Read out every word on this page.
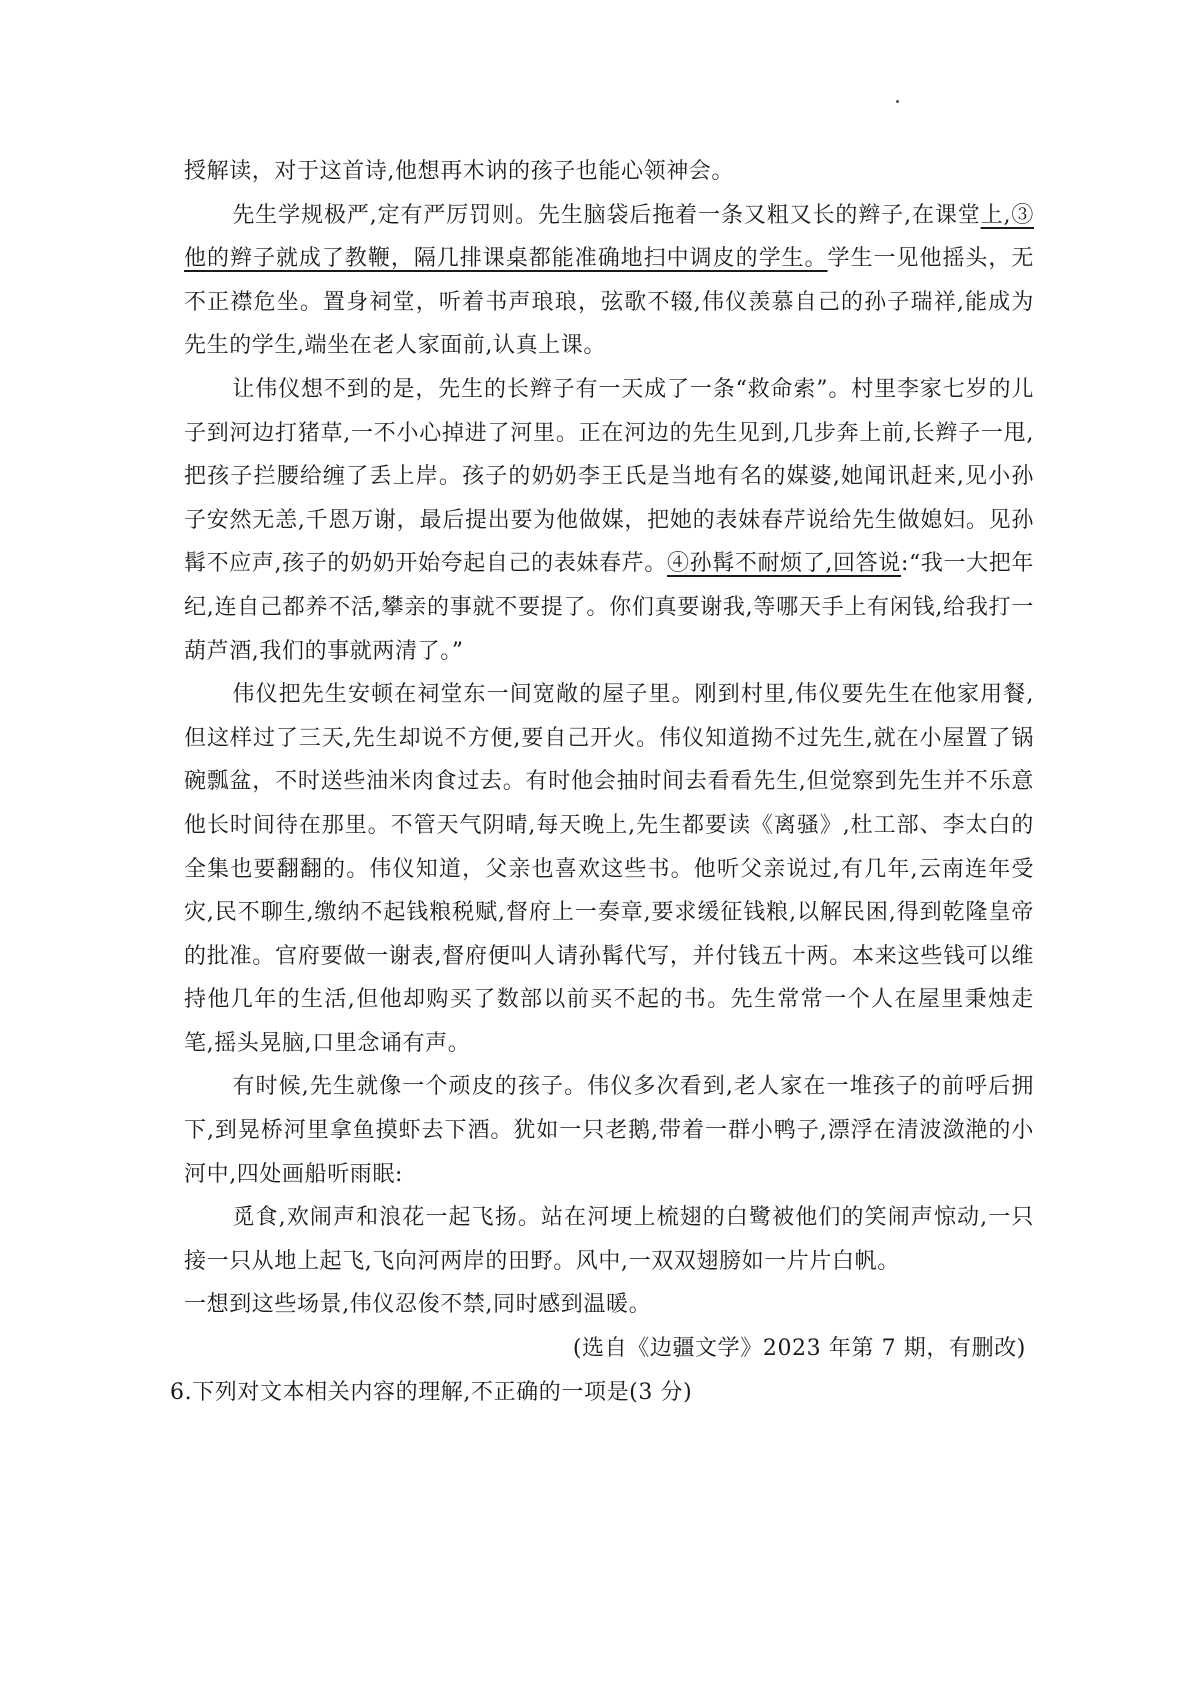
授解读，对于这首诗,他想再木讷的孩子也能心领神会。

先生学规极严,定有严厉罚则。先生脑袋后拖着一条又粗又长的辫子,在课堂上,③他的辫子就成了教鞭，隔几排课桌都能准确地扫中调皮的学生。学生一见他摇头，无不正襟危坐。置身祠堂，听着书声琅琅，弦歌不辍,伟仪羡慕自己的孙子瑞祥,能成为先生的学生,端坐在老人家面前,认真上课。

让伟仪想不到的是，先生的长辫子有一天成了一条“救命索”。村里李家七岁的儿子到河边打猪草,一不小心掉进了河里。正在河边的先生见到,几步奔上前,长辫子一甩,把孩子拦腰给缠了丢上岸。孩子的奶奶李王氏是当地有名的媒婆,她闻讯赶来,见小孙子安然无恙,千恩万谢，最后提出要为他做媒，把她的表妹春芹说给先生做媳妇。见孙髯不应声,孩子的奶奶开始夸起自己的表妹春芹。④孙髯不耐烦了,回答说:“我一大把年纪,连自己都养不活,攀亲的事就不要提了。你们真要谢我,等哪天手上有闲钱,给我打一葫芦酒,我们的事就两清了。”

伟仪把先生安顿在祠堂东一间宽敞的屋子里。刚到村里,伟仪要先生在他家用餐,但这样过了三天,先生却说不方便,要自己开火。伟仪知道拗不过先生,就在小屋置了锅碗瓢盆，不时送些油米肉食过去。有时他会抽时间去看看先生,但觉察到先生并不乐意他长时间待在那里。不管天气阴晴,每天晚上,先生都要读《离骚》,杜工部、李太白的全集也要翻翻的。伟仪知道，父亲也喜欢这些书。他听父亲说过,有几年,云南连年受灾,民不聊生,缴纳不起钱粮税赋,督府上一奏章,要求缓征钱粮,以解民困,得到乾隆皇帝的批准。官府要做一谢表,督府便叫人请孙髯代写，并付钱五十两。本来这些钱可以维持他几年的生活,但他却购买了数部以前买不起的书。先生常常一个人在屋里秉烛走笔,摇头晃脑,口里念诵有声。

有时候,先生就像一个顽皮的孩子。伟仪多次看到,老人家在一堆孩子的前呼后拥下,到晃桥河里拿鱼摸虾去下酒。犹如一只老鹅,带着一群小鸭子,漂浮在清波潋滟的小河中,四处画船听雨眠:

觅食,欢闹声和浪花一起飞扬。站在河埂上梳翅的白鹭被他们的笑闹声惊动,一只接一只从地上起飞,飞向河两岸的田野。风中,一双双翅膀如一片片白帆。

一想到这些场景,伟仪忍俊不禁,同时感到温暖。

(选自《边疆文学》2023 年第 7 期，有删改)

6.下列对文本相关内容的理解,不正确的一项是(3 分)
